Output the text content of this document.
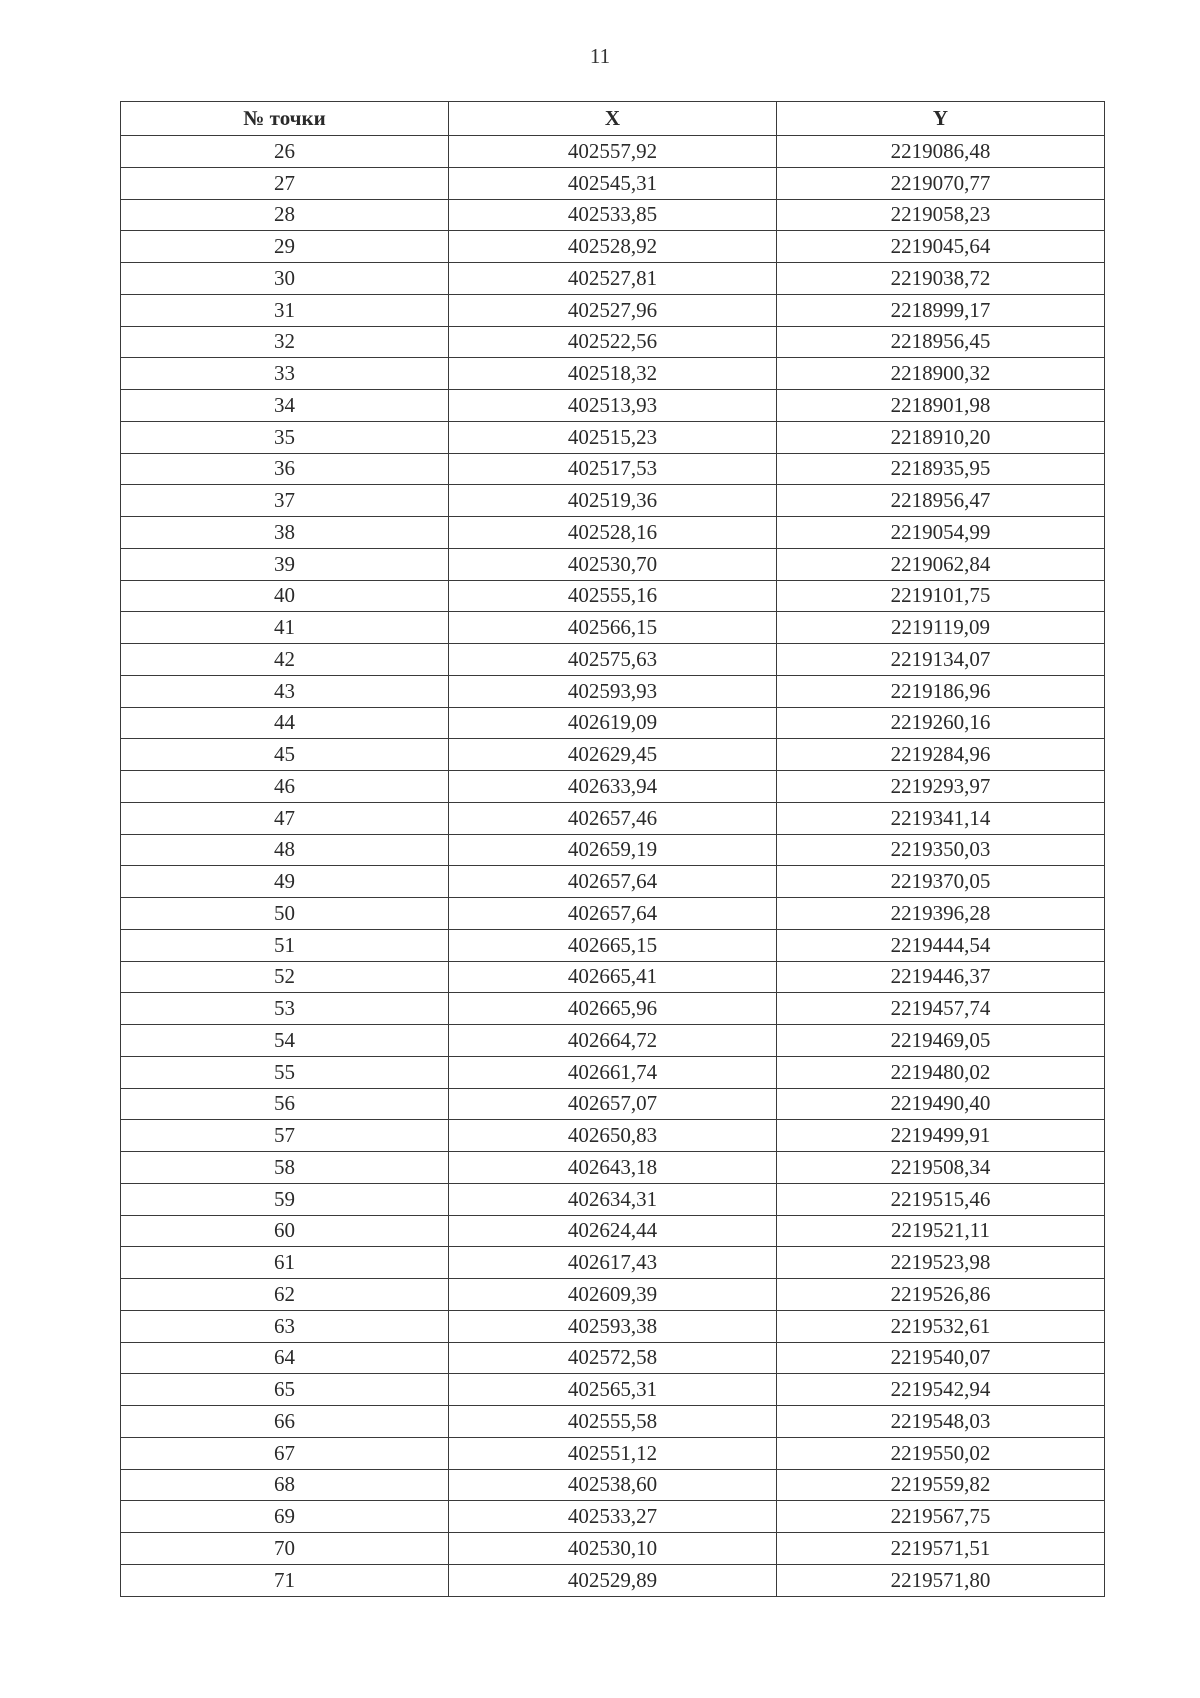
11
№ точки	X	Y
26	402557,92	2219086,48
27	402545,31	2219070,77
28	402533,85	2219058,23
29	402528,92	2219045,64
30	402527,81	2219038,72
31	402527,96	2218999,17
32	402522,56	2218956,45
33	402518,32	2218900,32
34	402513,93	2218901,98
35	402515,23	2218910,20
36	402517,53	2218935,95
37	402519,36	2218956,47
38	402528,16	2219054,99
39	402530,70	2219062,84
40	402555,16	2219101,75
41	402566,15	2219119,09
42	402575,63	2219134,07
43	402593,93	2219186,96
44	402619,09	2219260,16
45	402629,45	2219284,96
46	402633,94	2219293,97
47	402657,46	2219341,14
48	402659,19	2219350,03
49	402657,64	2219370,05
50	402657,64	2219396,28
51	402665,15	2219444,54
52	402665,41	2219446,37
53	402665,96	2219457,74
54	402664,72	2219469,05
55	402661,74	2219480,02
56	402657,07	2219490,40
57	402650,83	2219499,91
58	402643,18	2219508,34
59	402634,31	2219515,46
60	402624,44	2219521,11
61	402617,43	2219523,98
62	402609,39	2219526,86
63	402593,38	2219532,61
64	402572,58	2219540,07
65	402565,31	2219542,94
66	402555,58	2219548,03
67	402551,12	2219550,02
68	402538,60	2219559,82
69	402533,27	2219567,75
70	402530,10	2219571,51
71	402529,89	2219571,80
